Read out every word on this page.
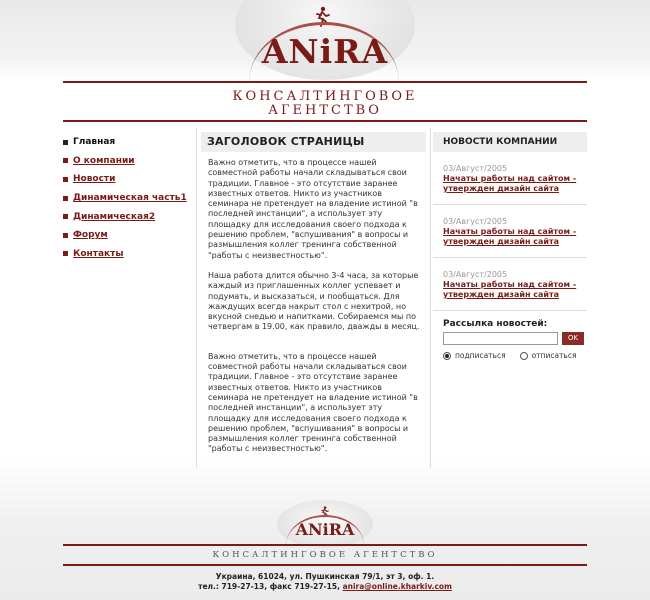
ANiRA
КОНСАЛТИНГОВОЕ
АГЕНТСТВО
Главная
О компании
Новости
Динамическая часть1
Динамическая2
Форум
Контакты
ЗАГОЛОВОК СТРАНИЦЫ

Важно отметить, что в процессе нашей совместной работы начали складываться свои традиции. Главное - это отсутствие заранее известных ответов. Никто из участников семинара не претендует на владение истиной "в последней инстанции", а использует эту площадку для исследования своего подхода к решению проблем, "вспушивания" в вопросы и размышления коллег тренинга собственной "работы с неизвестностью".

Наша работа длится обычно 3-4 часа, за которые каждый из приглашенных коллег успевает и подумать, и высказаться, и пообщаться. Для жаждущих всегда накрыт стол с нехитрой, но вкусной снедью и напитками. Собираемся мы по четвергам в 19.00, как правило, дважды в месяц.

Важно отметить, что в процессе нашей совместной работы начали складываться свои традиции. Главное - это отсутствие заранее известных ответов. Никто из участников семинара не претендует на владение истиной "в последней инстанции", а использует эту площадку для исследования своего подхода к решению проблем, "вспушивания" в вопросы и размышления коллег тренинга собственной "работы с неизвестностью".

НОВОСТИ КОМПАНИИ
03/Август/2005
Начаты работы над сайтом - утвержден дизайн сайта
03/Август/2005
Начаты работы над сайтом - утвержден дизайн сайта
03/Август/2005
Начаты работы над сайтом - утвержден дизайн сайта
Рассылка новостей:
OK
подписаться	отписаться
ANiRA
КОНСАЛТИНГОВОЕ АГЕНТСТВО
Украина, 61024, ул. Пушкинская 79/1, эт 3, оф. 1.
тел.: 719-27-13, факс 719-27-15, anira@online.kharkiv.com
